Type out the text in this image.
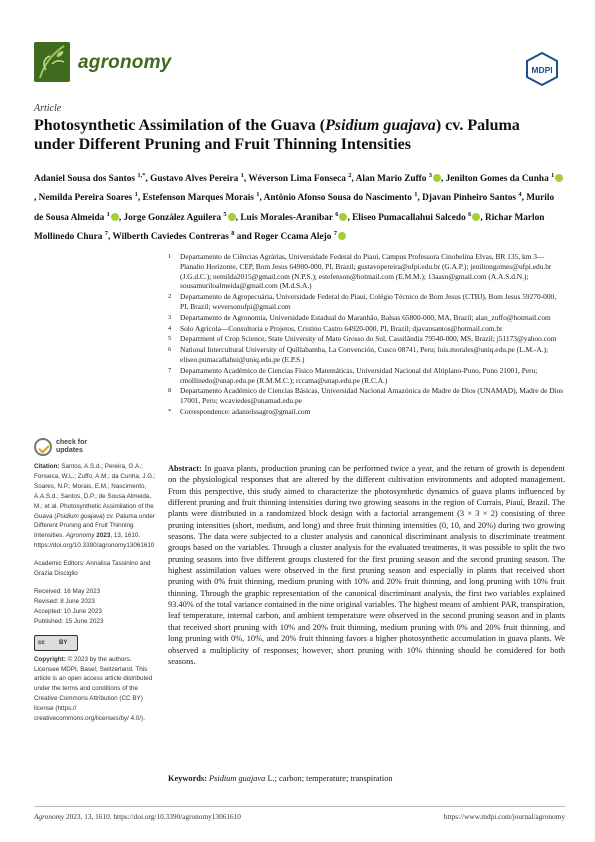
agronomy	MDPI
Article
Photosynthetic Assimilation of the Guava (Psidium guajava) cv. Paluma under Different Pruning and Fruit Thinning Intensities
Adaniel Sousa dos Santos $^{1,*}$, Gustavo Alves Pereira $^1$, Wéverson Lima Fonseca $^2$, Alan Mario Zuffo $^3$ , Jenilton Gomes da Cunha $^1$, Nemilda Pereira Soares $^1$, Estefenson Marques Morais $^1$, Antônio Afonso Sousa do Nascimento $^1$, Djavan Pinheiro Santos $^4$, Murilo de Sousa Almeida $^1$ , Jorge González Aguilera $^5$ , Luis Morales-Aranibar $^6$ , Eliseo Pumacallahui Salcedo $^6$ , Richar Marlon Mollinedo Chura $^7$, Wilberth Caviedes Contreras $^8$ and Roger Ccama Alejo $^7$
1 Departamento de Ciências Agrárias, Universidade Federal do Piauí, Campus Professora Cinobelina Elvas, BR 135, km 3—Planalto Horizonte, CEP, Bom Jesus 64900-000, PI, Brazil; gustavopereira@ufpi.edu.br (G.A.P.); jeniltongomes@ufpi.edu.br (J.G.d.C.); nemilda2015@gmail.com (N.P.S.); estefenson@hotmail.com (E.M.M.); 13aasn@gmail.com (A.A.S.d.N.); sousamuriloalmeida@gmail.com (M.d.S.A.)
2 Departamento de Agropecuária, Universidade Federal do Piauí, Colégio Técnico de Bom Jesus (CTBJ), Bom Jesus 59270-000, PI, Brazil; weversonufpi@gmail.com
3 Departamento de Agronomia, Universidade Estadual do Maranhão, Balsas 65800-000, MA, Brazil; alan_zuffo@hotmail.com
4 Solo Agrícola—Consultoria e Projetos, Cristino Castro 64920-000, PI, Brazil; djavansantos@hotmail.com.br
5 Department of Crop Science, State University of Mato Grosso do Sul, Cassilândia 79540-000, MS, Brazil; j51173@yahoo.com
6 National Intercultural University of Quillabamba, La Convención, Cusco 08741, Peru; luis.morales@uniq.edu.pe (L.M.-A.); eliseo.pumacallahui@uniq.edu.pe (E.P.S.)
7 Departamento Académico de Ciencias Físico Matemáticas, Universidad Nacional del Altiplano-Puno, Puno 21001, Peru; rmollinedo@unap.edu.pe (R.M.M.C.); rccama@unap.edu.pe (R.C.A.)
8 Departamento Académico de Ciencias Básicas, Universidad Nacional Amazónica de Madre de Dios (UNAMAD), Madre de Dios 17001, Peru; wcaviedes@unamad.edu.pe
* Correspondence: adanielssagro@gmail.com
check for
updates
Citation: Santos, A.S.d.; Pereira, G.A.; Fonseca, W.L.; Zuffo, A.M.; da Cunha, J.G.; Soares, N.P.; Morais, E.M.; Nascimento, A.A.S.d.; Santos, D.P.; de Sousa Almeida, M.; et al. Photosynthetic Assimilation of the Guava (Psidium guajava) cv. Paluma under Different Pruning and Fruit Thinning Intensities. Agronomy 2023, 13, 1610. https://doi.org/10.3390/agronomy13061610
Academic Editors: Annalisa Tassinino and Grazia Disciglio
Received: 16 May 2023
Revised: 8 June 2023
Accepted: 10 June 2023
Published: 15 June 2023
cc BY
Copyright: © 2023 by the authors. Licensee MDPI, Basel, Switzerland. This article is an open access article distributed under the terms and conditions of the Creative Commons Attribution (CC BY) license (https:// creativecommons.org/licenses/by/ 4.0/).
Abstract: In guava plants, production pruning can be performed twice a year, and the return of growth is dependent on the physiological responses that are altered by the different cultivation environments and adopted management. From this perspective, this study aimed to characterize the photosynthetic dynamics of guava plants influenced by different pruning and fruit thinning intensities during two growing seasons in the region of Currais, Piauí, Brazil. The plants were distributed in a randomized block design with a factorial arrangement (3 × 3 × 2) consisting of three pruning intensities (short, medium, and long) and three fruit thinning intensities (0, 10, and 20%) during two growing seasons. The data were subjected to a cluster analysis and canonical discriminant analysis to discriminate treatment groups based on the variables. Through a cluster analysis for the evaluated treatments, it was possible to split the two pruning seasons into five different groups clustered for the first pruning season and the second pruning season. The highest assimilation values were observed in the first pruning season and especially in plants that received short pruning with 0% fruit thinning, medium pruning with 10% and 20% fruit thinning, and long pruning with 10% fruit thinning. Through the graphic representation of the canonical discriminant analysis, the first two variables explained 93.40% of the total variance contained in the nine original variables. The highest means of ambient PAR, transpiration, leaf temperature, internal carbon, and ambient temperature were observed in the second pruning season and in plants that received short pruning with 10% and 20% fruit thinning, medium pruning with 0% and 20% fruit thinning, and long pruning with 0%, 10%, and 20% fruit thinning favors a higher photosynthetic accumulation in guava plants. We observed a multiplicity of responses; however, short pruning with 10% thinning should be considered for both seasons.
Keywords: Psidium guajava L.; carbon; temperature; transpiration
Agronomy 2023, 13, 1610. https://doi.org/10.3390/agronomy13061610	https://www.mdpi.com/journal/agronomy
